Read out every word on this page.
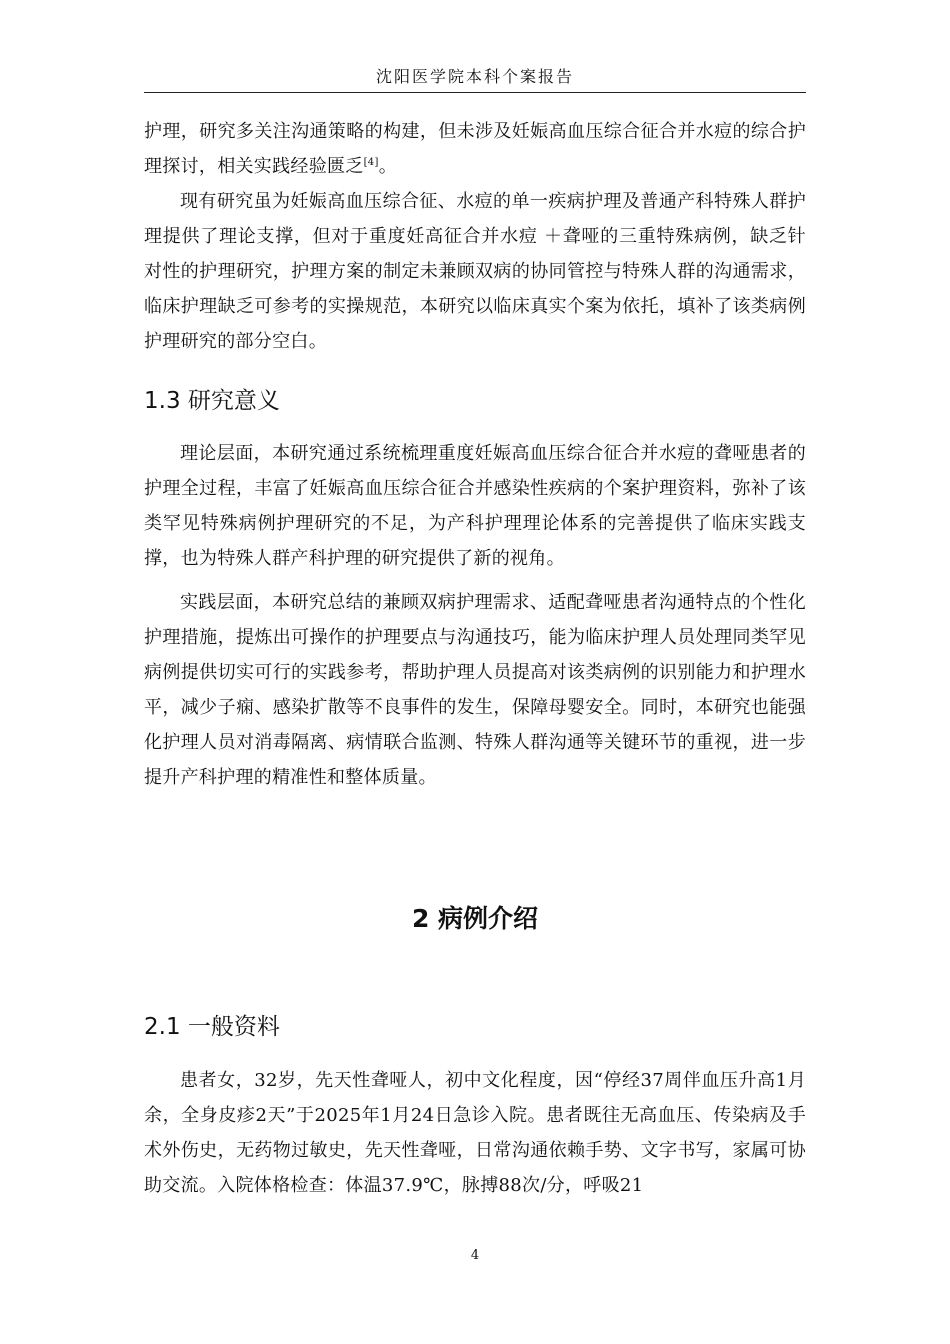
沈阳医学院本科个案报告

护理，研究多关注沟通策略的构建，但未涉及妊娠高血压综合征合并水痘的综合护理探讨，相关实践经验匮乏[4]。

现有研究虽为妊娠高血压综合征、水痘的单一疾病护理及普通产科特殊人群护理提供了理论支撑，但对于重度妊高征合并水痘 ＋聋哑的三重特殊病例，缺乏针对性的护理研究，护理方案的制定未兼顾双病的协同管控与特殊人群的沟通需求，临床护理缺乏可参考的实操规范，本研究以临床真实个案为依托，填补了该类病例护理研究的部分空白。

1.3 研究意义

理论层面，本研究通过系统梳理重度妊娠高血压综合征合并水痘的聋哑患者的护理全过程，丰富了妊娠高血压综合征合并感染性疾病的个案护理资料，弥补了该类罕见特殊病例护理研究的不足，为产科护理理论体系的完善提供了临床实践支撑，也为特殊人群产科护理的研究提供了新的视角。

实践层面，本研究总结的兼顾双病护理需求、适配聋哑患者沟通特点的个性化护理措施，提炼出可操作的护理要点与沟通技巧，能为临床护理人员处理同类罕见病例提供切实可行的实践参考，帮助护理人员提高对该类病例的识别能力和护理水平，减少子痫、感染扩散等不良事件的发生，保障母婴安全。同时，本研究也能强化护理人员对消毒隔离、病情联合监测、特殊人群沟通等关键环节的重视，进一步提升产科护理的精准性和整体质量。

2 病例介绍
2.1 一般资料

患者女，32岁，先天性聋哑人，初中文化程度，因“停经37周伴血压升高1月余，全身皮疹2天”于2025年1月24日急诊入院。患者既往无高血压、传染病及手术外伤史，无药物过敏史，先天性聋哑，日常沟通依赖手势、文字书写，家属可协助交流。入院体格检查：体温37.9℃，脉搏88次/分，呼吸21

4
